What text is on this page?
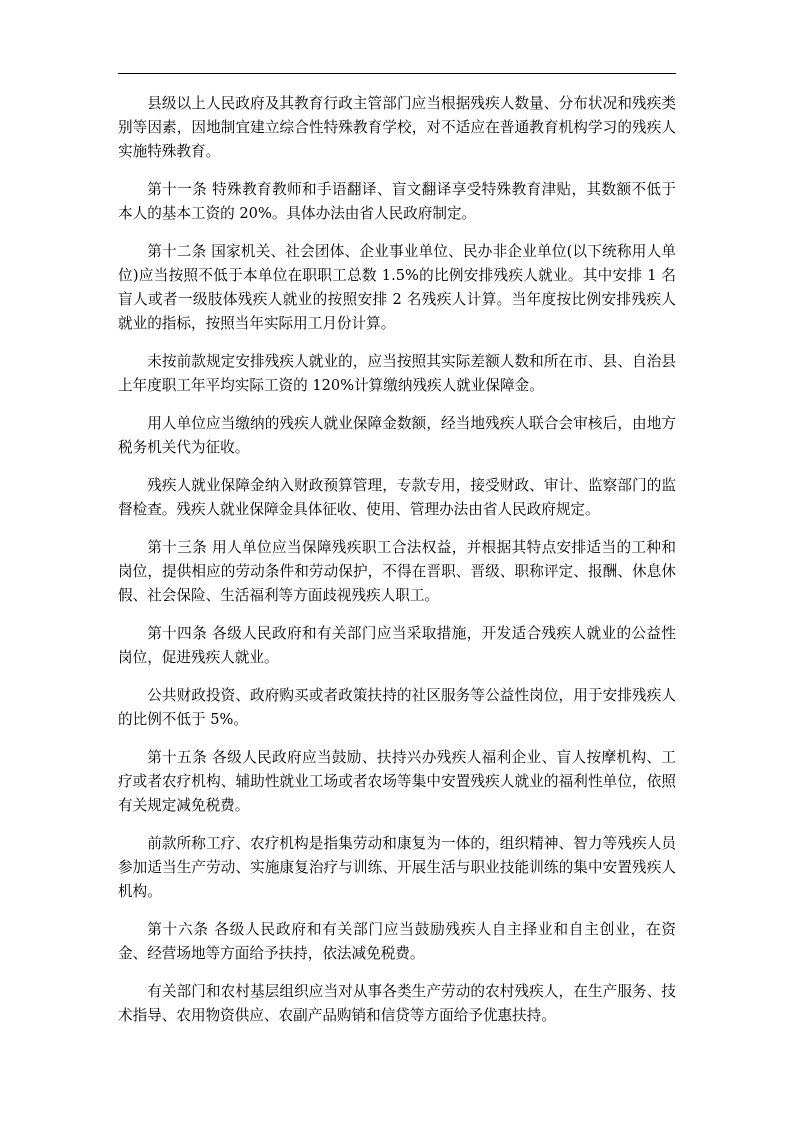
县级以上人民政府及其教育行政主管部门应当根据残疾人数量、分布状况和残疾类别等因素，因地制宜建立综合性特殊教育学校，对不适应在普通教育机构学习的残疾人实施特殊教育。

第十一条 特殊教育教师和手语翻译、盲文翻译享受特殊教育津贴，其数额不低于本人的基本工资的 20%。具体办法由省人民政府制定。

第十二条 国家机关、社会团体、企业事业单位、民办非企业单位(以下统称用人单位)应当按照不低于本单位在职职工总数 1.5%的比例安排残疾人就业。其中安排 1 名盲人或者一级肢体残疾人就业的按照安排 2 名残疾人计算。当年度按比例安排残疾人就业的指标，按照当年实际用工月份计算。

未按前款规定安排残疾人就业的，应当按照其实际差额人数和所在市、县、自治县上年度职工年平均实际工资的 120%计算缴纳残疾人就业保障金。

用人单位应当缴纳的残疾人就业保障金数额，经当地残疾人联合会审核后，由地方税务机关代为征收。

残疾人就业保障金纳入财政预算管理，专款专用，接受财政、审计、监察部门的监督检查。残疾人就业保障金具体征收、使用、管理办法由省人民政府规定。

第十三条 用人单位应当保障残疾职工合法权益，并根据其特点安排适当的工种和岗位，提供相应的劳动条件和劳动保护，不得在晋职、晋级、职称评定、报酬、休息休假、社会保险、生活福利等方面歧视残疾人职工。

第十四条 各级人民政府和有关部门应当采取措施，开发适合残疾人就业的公益性岗位，促进残疾人就业。

公共财政投资、政府购买或者政策扶持的社区服务等公益性岗位，用于安排残疾人的比例不低于 5%。

第十五条 各级人民政府应当鼓励、扶持兴办残疾人福利企业、盲人按摩机构、工疗或者农疗机构、辅助性就业工场或者农场等集中安置残疾人就业的福利性单位，依照有关规定减免税费。

前款所称工疗、农疗机构是指集劳动和康复为一体的，组织精神、智力等残疾人员参加适当生产劳动、实施康复治疗与训练、开展生活与职业技能训练的集中安置残疾人机构。

第十六条 各级人民政府和有关部门应当鼓励残疾人自主择业和自主创业，在资金、经营场地等方面给予扶持，依法减免税费。

有关部门和农村基层组织应当对从事各类生产劳动的农村残疾人，在生产服务、技术指导、农用物资供应、农副产品购销和信贷等方面给予优惠扶持。
